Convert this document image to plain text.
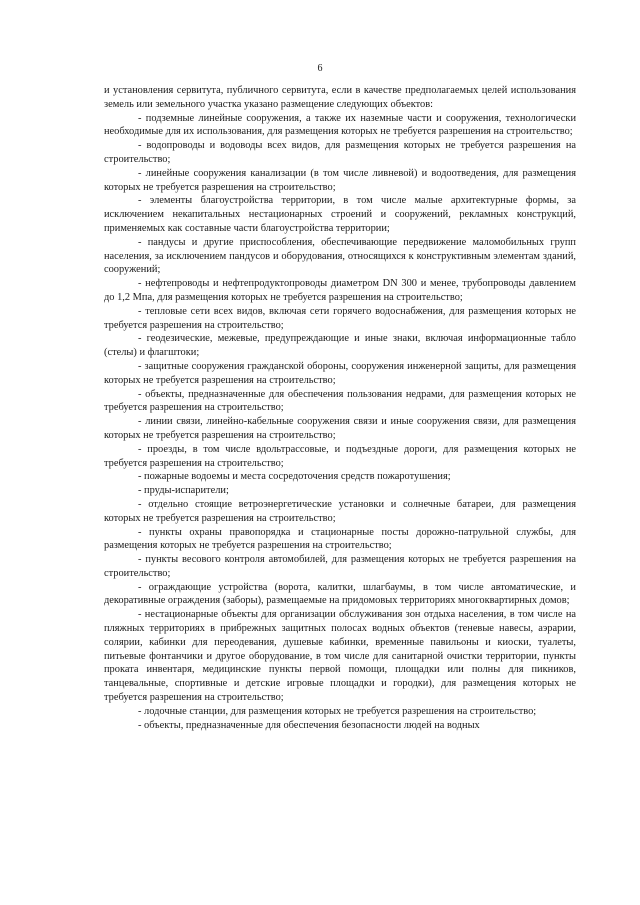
6

и установления сервитута, публичного сервитута, если в качестве предполагаемых целей использования земель или земельного участка указано размещение следующих объектов:

- подземные линейные сооружения, а также их наземные части и сооружения, технологически необходимые для их использования, для размещения которых не требуется разрешения на строительство;

- водопроводы и водоводы всех видов, для размещения которых не требуется разрешения на строительство;

- линейные сооружения канализации (в том числе ливневой) и водоотведения, для размещения которых не требуется разрешения на строительство;

- элементы благоустройства территории, в том числе малые архитектурные формы, за исключением некапитальных нестационарных строений и сооружений, рекламных конструкций, применяемых как составные части благоустройства территории;

- пандусы и другие приспособления, обеспечивающие передвижение маломобильных групп населения, за исключением пандусов и оборудования, относящихся к конструктивным элементам зданий, сооружений;

- нефтепроводы и нефтепродуктопроводы диаметром DN 300 и менее, трубопроводы давлением до 1,2 Мпа, для размещения которых не требуется разрешения на строительство;

- тепловые сети всех видов, включая сети горячего водоснабжения, для размещения которых не требуется разрешения на строительство;

- геодезические, межевые, предупреждающие и иные знаки, включая информационные табло (стелы) и флагштоки;

- защитные сооружения гражданской обороны, сооружения инженерной защиты, для размещения которых не требуется разрешения на строительство;

- объекты, предназначенные для обеспечения пользования недрами, для размещения которых не требуется разрешения на строительство;

- линии связи, линейно-кабельные сооружения связи и иные сооружения связи, для размещения которых не требуется разрешения на строительство;

- проезды, в том числе вдольтрассовые, и подъездные дороги, для размещения которых не требуется разрешения на строительство;

- пожарные водоемы и места сосредоточения средств пожаротушения;

- пруды-испарители;

- отдельно стоящие ветроэнергетические установки и солнечные батареи, для размещения которых не требуется разрешения на строительство;

- пункты охраны правопорядка и стационарные посты дорожно-патрульной службы, для размещения которых не требуется разрешения на строительство;

- пункты весового контроля автомобилей, для размещения которых не требуется разрешения на строительство;

- ограждающие устройства (ворота, калитки, шлагбаумы, в том числе автоматические, и декоративные ограждения (заборы), размещаемые на придомовых территориях многоквартирных домов;

- нестационарные объекты для организации обслуживания зон отдыха населения, в том числе на пляжных территориях в прибрежных защитных полосах водных объектов (теневые навесы, аэрарии, солярии, кабинки для переодевания, душевые кабинки, временные павильоны и киоски, туалеты, питьевые фонтанчики и другое оборудование, в том числе для санитарной очистки территории, пункты проката инвентаря, медицинские пункты первой помощи, площадки или полны для пикников, танцевальные, спортивные и детские игровые площадки и городки), для размещения которых не требуется разрешения на строительство;

- лодочные станции, для размещения которых не требуется разрешения на строительство;

- объекты, предназначенные для обеспечения безопасности людей на водных
